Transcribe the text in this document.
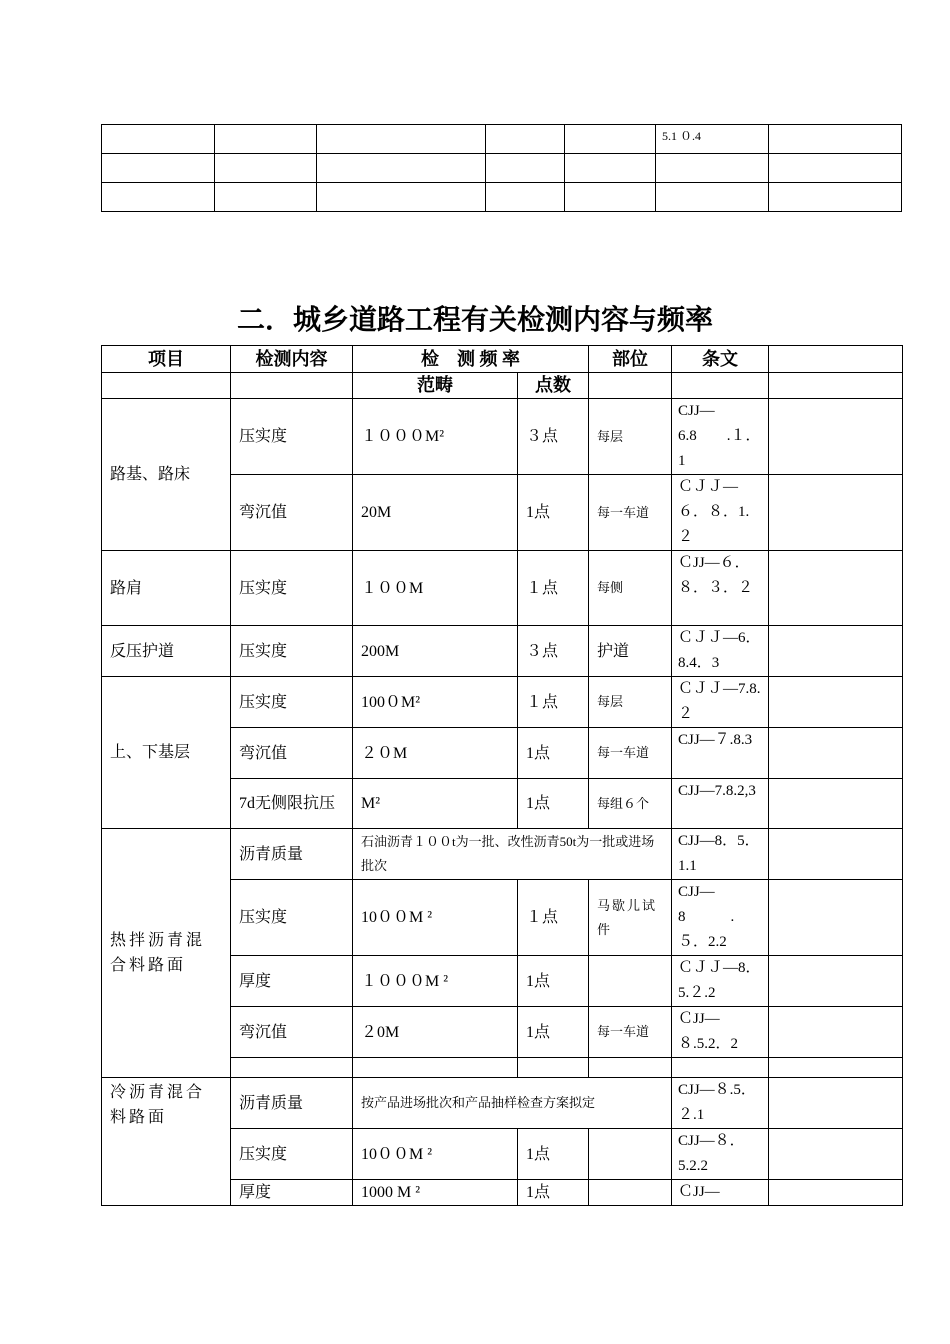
					5.1 ０.4	

二．城乡道路工程有关检测内容与频率
项目	检测内容	检　测 频 率		部位	条文	
		范畴	点数			
路基、路床	压实度	１０００M²	３点	每层	CJJ—6.8　　.１．1	
	弯沉值	20M	1点	每一车道	ＣＪＪ—６．８．1.２	
路肩	压实度	１００M	１点	每侧	ＣJJ—６．８．３．２	
反压护道	压实度	200M	３点	护道	ＣＪＪ—6．8.4．3	
上、下基层	压实度	100０M²	１点	每层	ＣＪＪ—7.8.２	
	弯沉值	２０M	1点	每一车道	CJJ—７.8.3	
	7d无侧限抗压	M²	1点	每组６个	CJJ—7.8.2,3	
热拌沥青混合料路面	沥青质量	石油沥青１００t为一批、改性沥青50t为一批或进场批次			CJJ—8．5．1.1	
	压实度	10００M ²	１点	马歇儿试件	CJJ—8　　　.５．2.2	
	厚度	１０００M ²	1点		ＣＪＪ—8．5.２.2	
	弯沉值	２0M	1点	每一车道	ＣJJ—８.5.2．2	

冷沥青混合料路面	沥青质量	按产品进场批次和产品抽样检查方案拟定			CJJ—８.5．２.1	
	压实度	10００M ²	1点		CJJ—８．5.2.2	
	厚度	1000 M ²	1点		ＣJJ—	
